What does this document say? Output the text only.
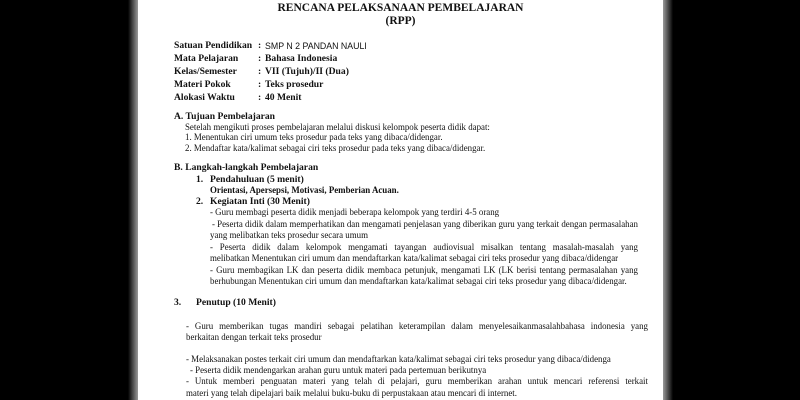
RENCANA PELAKSANAAN PEMBELAJARAN
(RPP)
Satuan Pendidikan : SMP N 2 PANDAN NAULI
Mata Pelajaran : Bahasa Indonesia
Kelas/Semester : VII (Tujuh)/II (Dua)
Materi Pokok	: Teks prosedur
Alokasi Waktu : 40 Menit
A. Tujuan Pembelajaran
Setelah mengikuti proses pembelajaran melalui diskusi kelompok peserta didik dapat:
1. Menentukan ciri umum teks prosedur pada teks yang dibaca/didengar.
2. Mendaftar kata/kalimat sebagai ciri teks prosedur pada teks yang dibaca/didengar.
B. Langkah-langkah Pembelajaran
1. Pendahuluan (5 menit)
Orientasi, Apersepsi, Motivasi, Pemberian Acuan.
2. Kegiatan Inti (30 Menit)
- Guru membagi peserta didik menjadi beberapa kelompok yang terdiri 4-5 orang
- Peserta didik dalam memperhatikan dan mengamati penjelasan yang diberikan guru yang terkait dengan permasalahan
yang melibatkan teks prosedur secara umum
- Peserta didik dalam kelompok mengamati tayangan audiovisual misalkan tentang masalah-masalah yang
melibatkan Menentukan ciri umum dan mendaftarkan kata/kalimat sebagai ciri teks prosedur yang dibaca/didengar
- Guru membagikan LK dan peserta didik membaca petunjuk, mengamati LK (LK berisi tentang permasalahan yang
berhubungan Menentukan ciri umum dan mendaftarkan kata/kalimat sebagai ciri teks prosedur yang dibaca/didengar.
3. Penutup (10 Menit)
- Guru memberikan tugas mandiri sebagai pelatihan keterampilan dalam menyelesaikanmasalahbahasa indonesia yang
berkaitan dengan terkait teks prosedur
- Melaksanakan postes terkait ciri umum dan mendaftarkan kata/kalimat sebagai ciri teks prosedur yang dibaca/didenga
- Peserta didik mendengarkan arahan guru untuk materi pada pertemuan berikutnya
- Untuk memberi penguatan materi yang telah di pelajari, guru memberikan arahan untuk mencari referensi terkait
materi yang telah dipelajari baik melalui buku-buku di perpustakaan atau mencari di internet.
